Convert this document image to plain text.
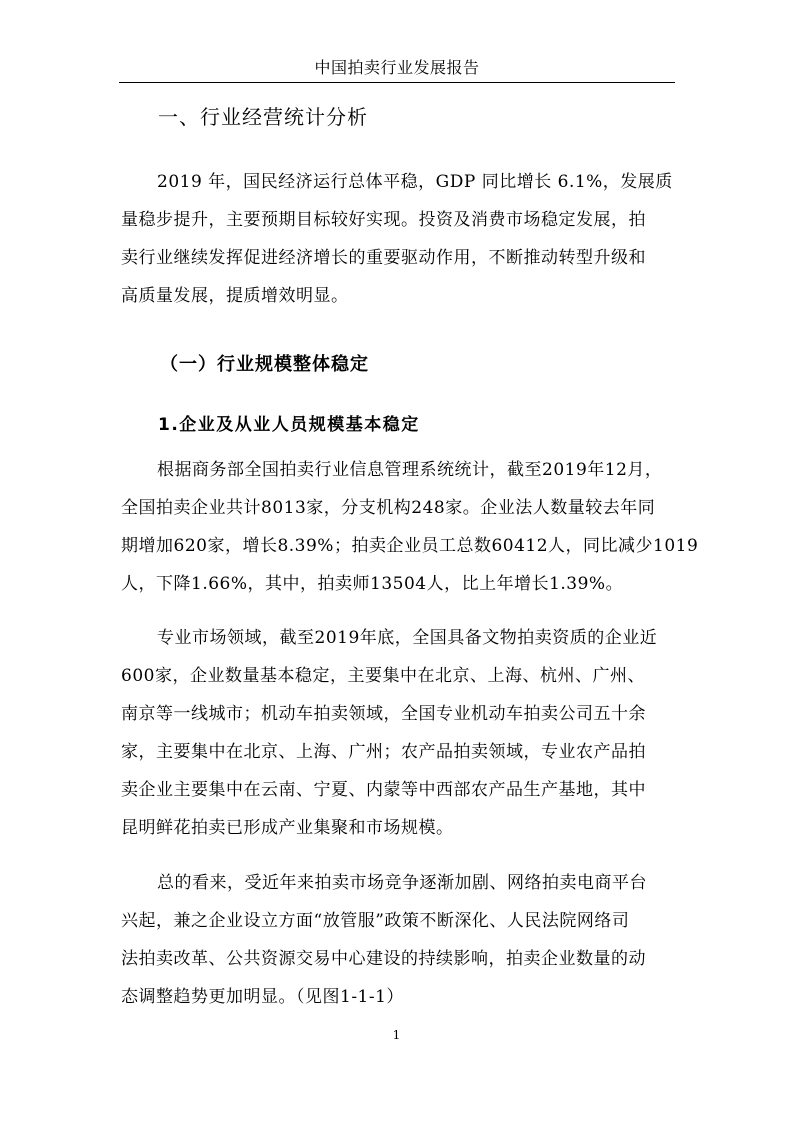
中国拍卖行业发展报告
一、行业经营统计分析
2019 年，国民经济运行总体平稳，GDP 同比增长 6.1%，发展质
量稳步提升，主要预期目标较好实现。投资及消费市场稳定发展，拍
卖行业继续发挥促进经济增长的重要驱动作用，不断推动转型升级和
高质量发展，提质增效明显。
（一）行业规模整体稳定
1.企业及从业人员规模基本稳定
根据商务部全国拍卖行业信息管理系统统计，截至2019年12月，
全国拍卖企业共计8013家，分支机构248家。企业法人数量较去年同
期增加620家，增长8.39%；拍卖企业员工总数60412人，同比减少1019
人，下降1.66%，其中，拍卖师13504人，比上年增长1.39%。
专业市场领域，截至2019年底，全国具备文物拍卖资质的企业近
600家，企业数量基本稳定，主要集中在北京、上海、杭州、广州、
南京等一线城市；机动车拍卖领域，全国专业机动车拍卖公司五十余
家，主要集中在北京、上海、广州；农产品拍卖领域，专业农产品拍
卖企业主要集中在云南、宁夏、内蒙等中西部农产品生产基地，其中
昆明鲜花拍卖已形成产业集聚和市场规模。
总的看来，受近年来拍卖市场竞争逐渐加剧、网络拍卖电商平台
兴起，兼之企业设立方面“放管服”政策不断深化、人民法院网络司
法拍卖改革、公共资源交易中心建设的持续影响，拍卖企业数量的动
态调整趋势更加明显。（见图1-1-1）
1
